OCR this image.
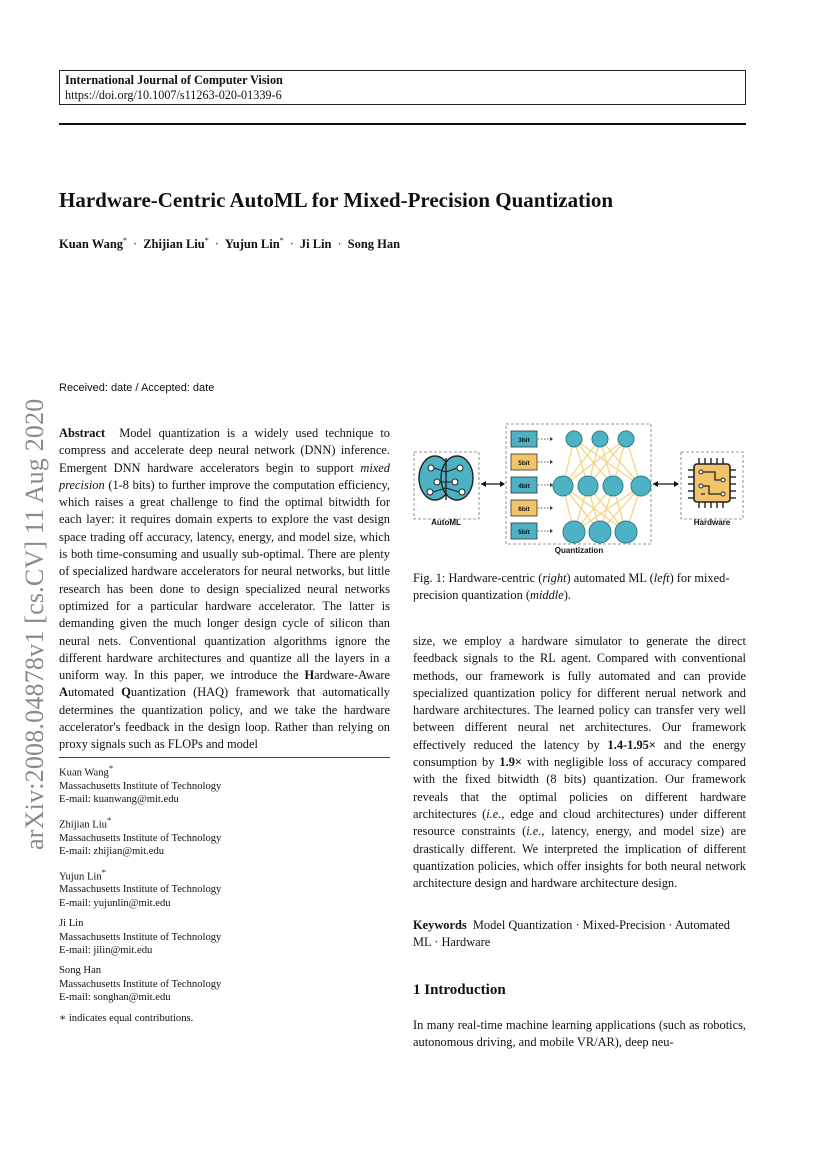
International Journal of Computer Vision
https://doi.org/10.1007/s11263-020-01339-6
Hardware-Centric AutoML for Mixed-Precision Quantization
Kuan Wang* · Zhijian Liu* · Yujun Lin* · Ji Lin · Song Han
arXiv:2008.04878v1 [cs.CV] 11 Aug 2020
Received: date / Accepted: date
Abstract Model quantization is a widely used technique to compress and accelerate deep neural network (DNN) inference. Emergent DNN hardware accelerators begin to support mixed precision (1-8 bits) to further improve the computation efficiency, which raises a great challenge to find the optimal bitwidth for each layer: it requires domain experts to explore the vast design space trading off accuracy, latency, energy, and model size, which is both time-consuming and usually sub-optimal. There are plenty of specialized hardware accelerators for neural networks, but little research has been done to design specialized neural networks optimized for a particular hardware accelerator. The latter is demanding given the much longer design cycle of silicon than neural nets. Conventional quantization algorithms ignore the different hardware architectures and quantize all the layers in a uniform way. In this paper, we introduce the Hardware-Aware Automated Quantization (HAQ) framework that automatically determines the quantization policy, and we take the hardware accelerator's feedback in the design loop. Rather than relying on proxy signals such as FLOPs and model
Kuan Wang*
Massachusetts Institute of Technology
E-mail: kuanwang@mit.edu
Zhijian Liu*
Massachusetts Institute of Technology
E-mail: zhijian@mit.edu
Yujun Lin*
Massachusetts Institute of Technology
E-mail: yujunlin@mit.edu
Ji Lin
Massachusetts Institute of Technology
E-mail: jilin@mit.edu
Song Han
Massachusetts Institute of Technology
E-mail: songhan@mit.edu
∗ indicates equal contributions.
AutoML
Quantization
3bit
5bit
4bit
6bit
5bit
Hardware
Fig. 1: Hardware-centric (right) automated ML (left) for mixed-precision quantization (middle).
size, we employ a hardware simulator to generate the direct feedback signals to the RL agent. Compared with conventional methods, our framework is fully automated and can provide specialized quantization policy for different nerual network and hardware architectures. The learned policy can transfer very well between different neural net architectures. Our framework effectively reduced the latency by 1.4-1.95× and the energy consumption by 1.9× with negligible loss of accuracy compared with the fixed bitwidth (8 bits) quantization. Our framework reveals that the optimal policies on different hardware architectures (i.e., edge and cloud architectures) under different resource constraints (i.e., latency, energy, and model size) are drastically different. We interpreted the implication of different quantization policies, which offer insights for both neural network architecture design and hardware architecture design.
Keywords Model Quantization · Mixed-Precision · Automated ML · Hardware
1 Introduction
In many real-time machine learning applications (such as robotics, autonomous driving, and mobile VR/AR), deep neu-
